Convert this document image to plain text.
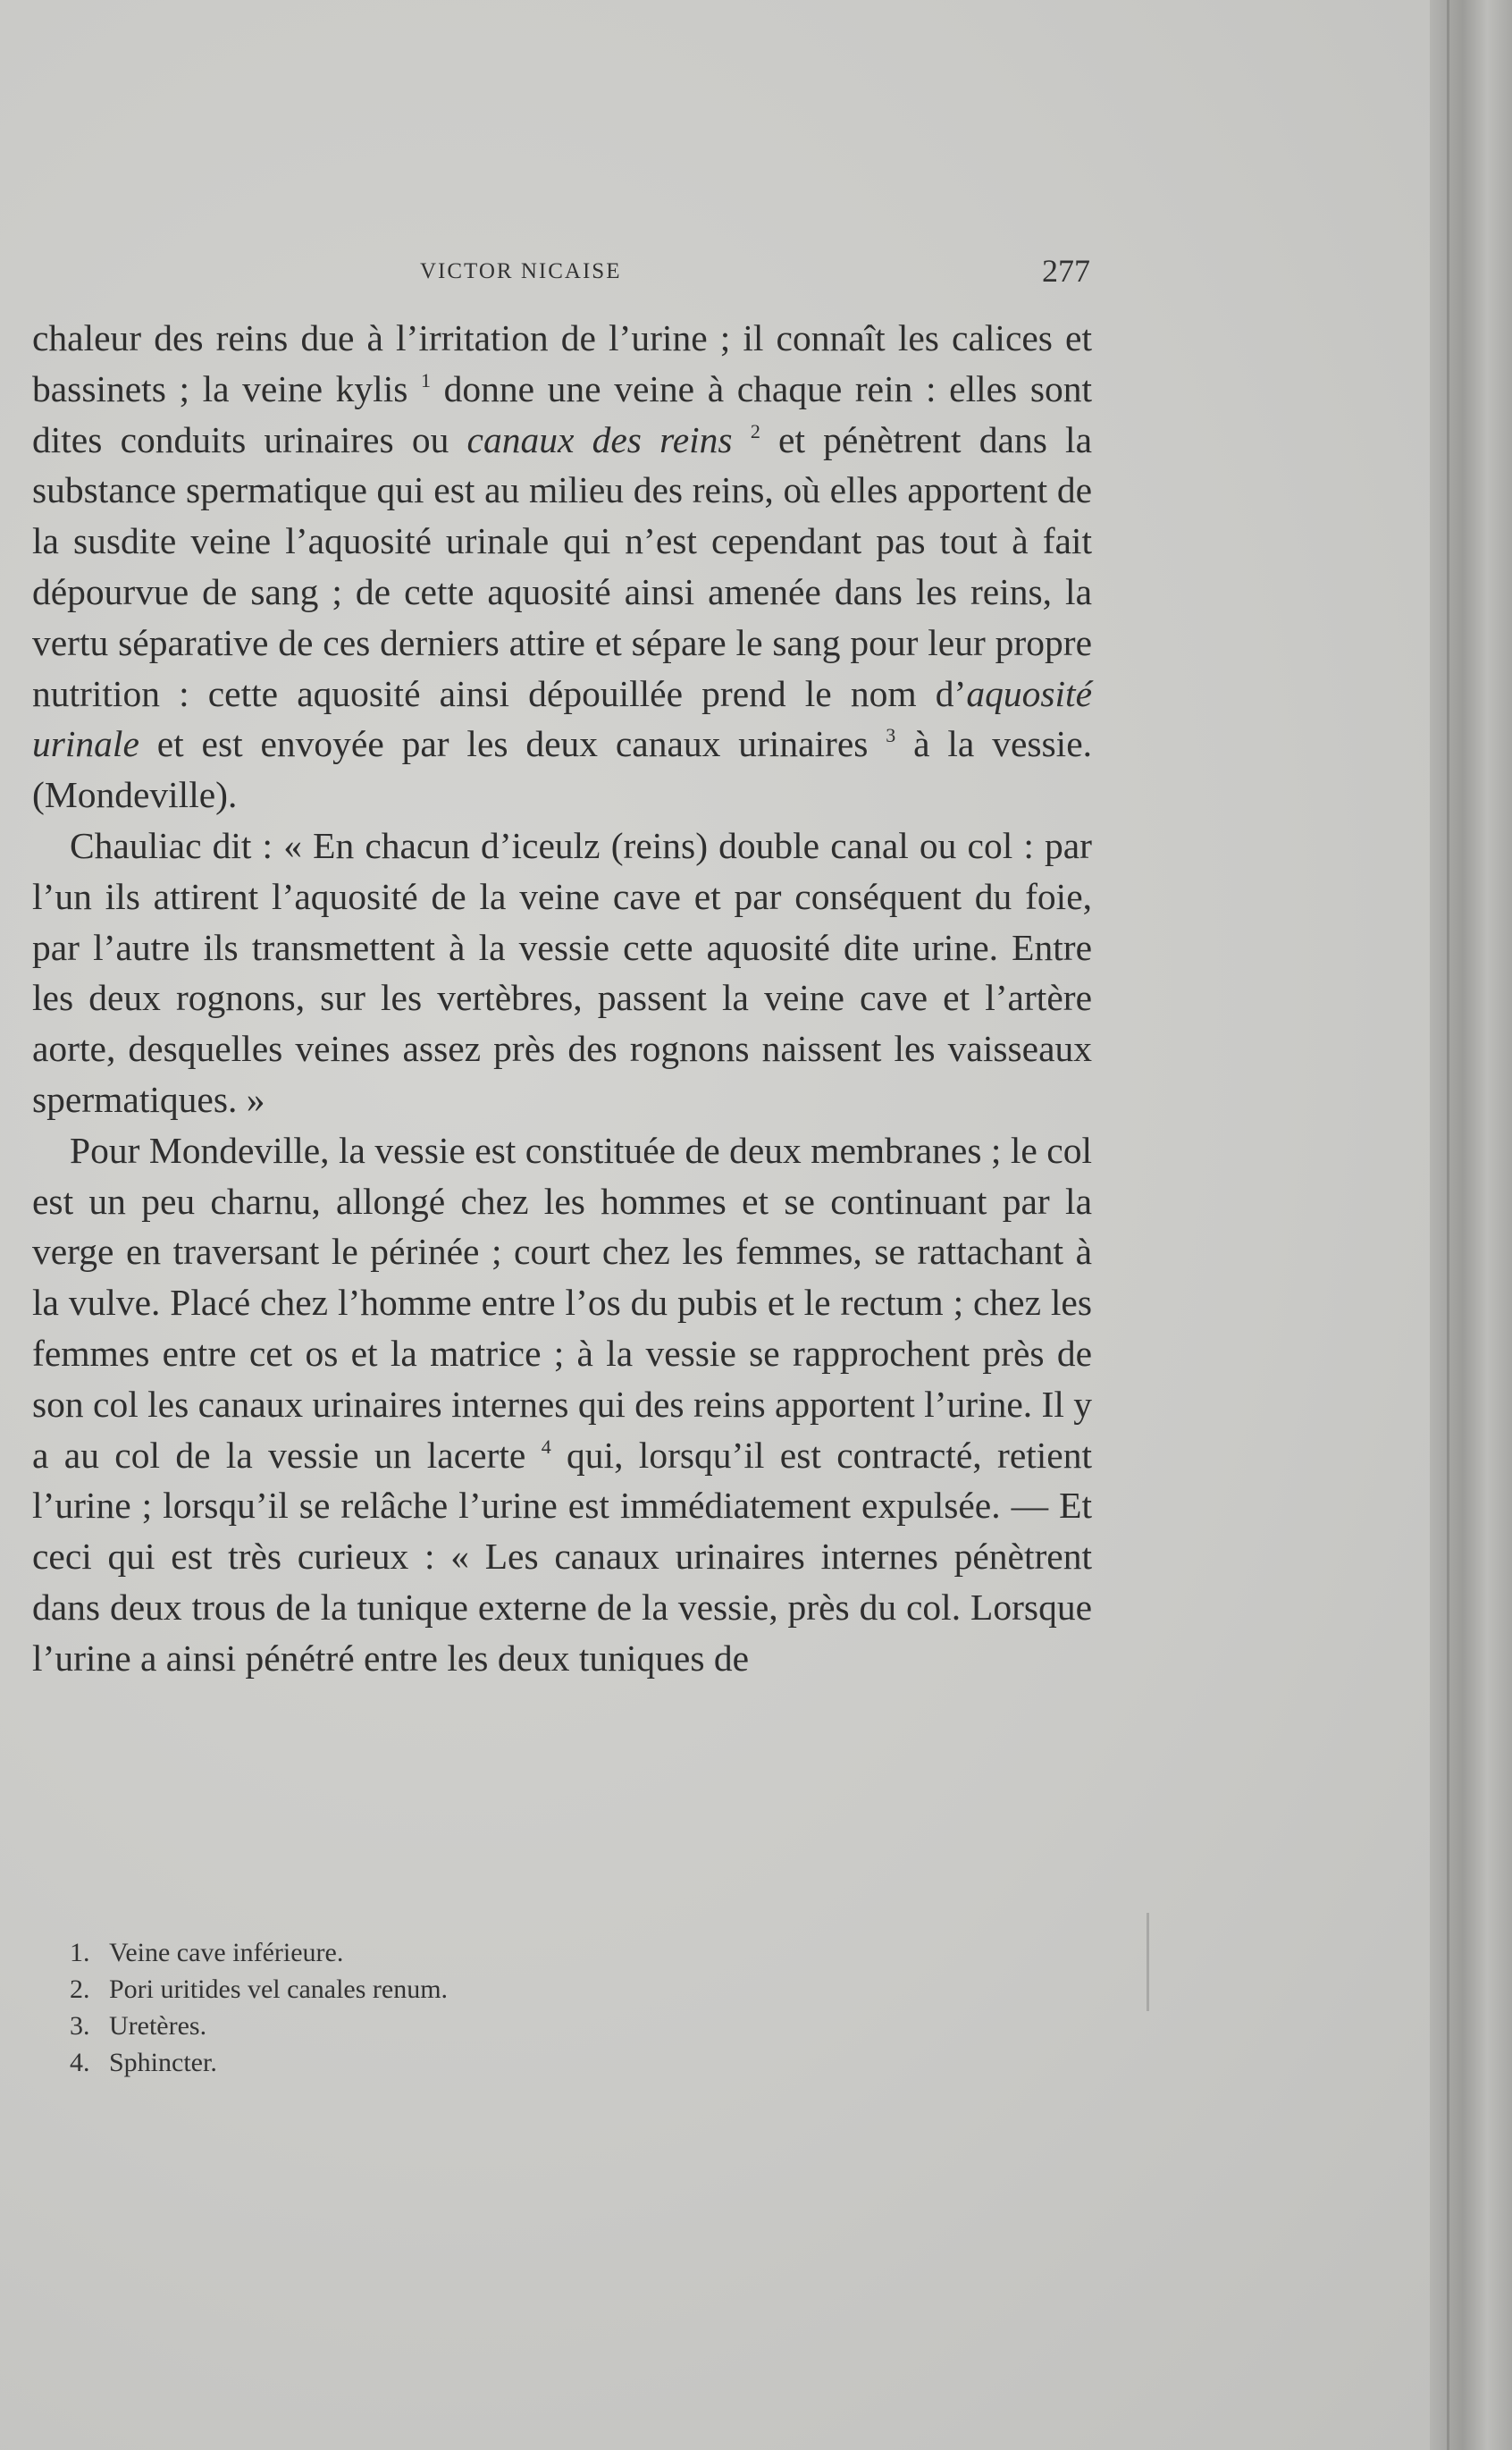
VICTOR NICAISE	277

chaleur des reins due à l’irritation de l’urine ; il connaît les calices et bassinets ; la veine kylis $^1$ donne une veine à chaque rein : elles sont dites conduits urinaires ou canaux des reins $^2$ et pénètrent dans la substance spermatique qui est au milieu des reins, où elles apportent de la susdite veine l’aquosité urinale qui n’est cependant pas tout à fait dépourvue de sang ; de cette aquosité ainsi amenée dans les reins, la vertu séparative de ces derniers attire et sépare le sang pour leur propre nutrition : cette aquosité ainsi dépouillée prend le nom d’aquosité urinale et est envoyée par les deux canaux urinaires $^3$ à la vessie. (Mondeville).

Chauliac dit : « En chacun d’iceulz (reins) double canal ou col : par l’un ils attirent l’aquosité de la veine cave et par conséquent du foie, par l’autre ils transmettent à la vessie cette aquosité dite urine. Entre les deux rognons, sur les vertèbres, passent la veine cave et l’artère aorte, desquelles veines assez près des rognons naissent les vaisseaux spermatiques. »

Pour Mondeville, la vessie est constituée de deux membranes ; le col est un peu charnu, allongé chez les hommes et se continuant par la verge en traversant le périnée ; court chez les femmes, se rattachant à la vulve. Placé chez l’homme entre l’os du pubis et le rectum ; chez les femmes entre cet os et la matrice ; à la vessie se rapprochent près de son col les canaux urinaires internes qui des reins apportent l’urine. Il y a au col de la vessie un lacerte $^4$ qui, lorsqu’il est contracté, retient l’urine ; lorsqu’il se relâche l’urine est immédiatement expulsée. — Et ceci qui est très curieux : « Les canaux urinaires internes pénètrent dans deux trous de la tunique externe de la vessie, près du col. Lorsque l’urine a ainsi pénétré entre les deux tuniques de

1. Veine cave inférieure.
2. Pori uritides vel canales renum.
3. Uretères.
4. Sphincter.
